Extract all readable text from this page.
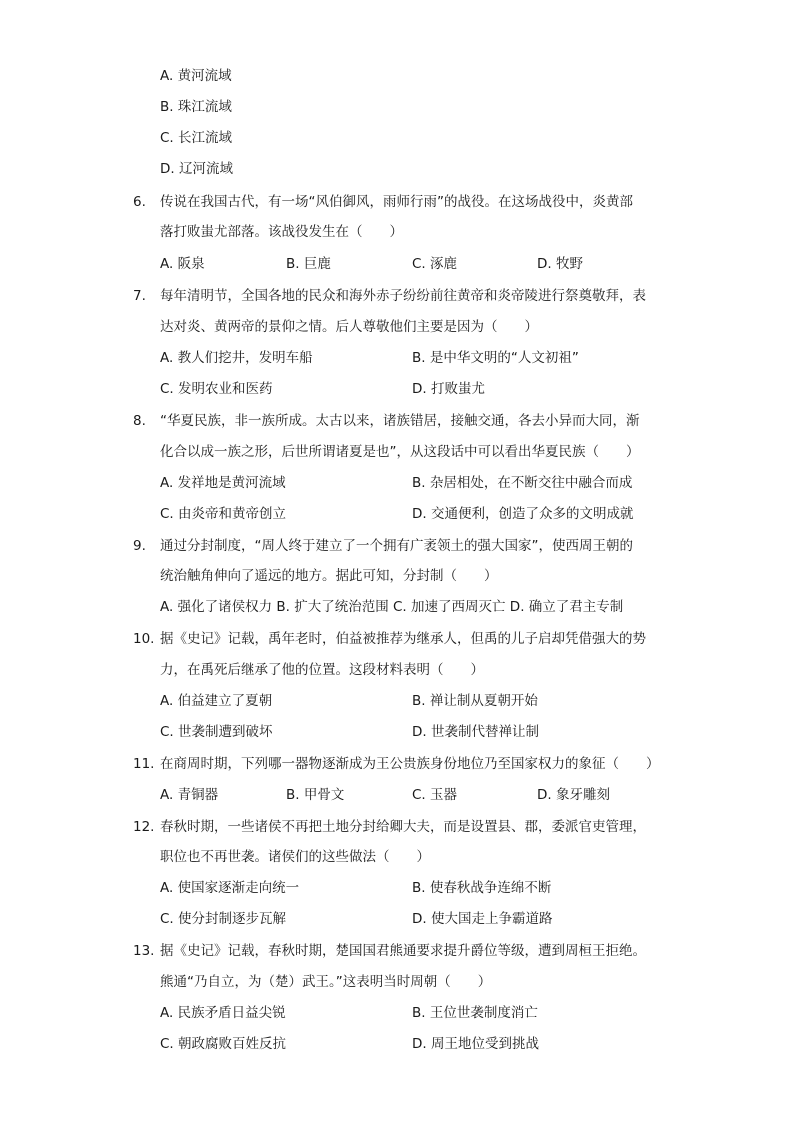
A. 黄河流域
B. 珠江流域
C. 长江流域
D. 辽河流域
6. 传说在我国古代，有一场“风伯御风，雨师行雨”的战役。在这场战役中，炎黄部
落打败蚩尤部落。该战役发生在（　　）
A. 阪泉	B. 巨鹿	C. 涿鹿	D. 牧野
7. 每年清明节，全国各地的民众和海外赤子纷纷前往黄帝和炎帝陵进行祭奠敬拜，表
达对炎、黄两帝的景仰之情。后人尊敬他们主要是因为（　　）
A. 教人们挖井，发明车船	B. 是中华文明的“人文初祖”
C. 发明农业和医药	D. 打败蚩尤
8. “华夏民族，非一族所成。太古以来，诸族错居，接触交通，各去小异而大同，渐
化合以成一族之形，后世所谓诸夏是也”，从这段话中可以看出华夏民族（　　）
A. 发祥地是黄河流域	B. 杂居相处，在不断交往中融合而成
C. 由炎帝和黄帝创立	D. 交通便利，创造了众多的文明成就
9. 通过分封制度，“周人终于建立了一个拥有广袤领土的强大国家”，使西周王朝的
统治触角伸向了遥远的地方。据此可知，分封制（　　）
A. 强化了诸侯权力 B. 扩大了统治范围 C. 加速了西周灭亡 D. 确立了君主专制
10. 据《史记》记载，禹年老时，伯益被推荐为继承人，但禹的儿子启却凭借强大的势
力，在禹死后继承了他的位置。这段材料表明（　　）
A. 伯益建立了夏朝	B. 禅让制从夏朝开始
C. 世袭制遭到破坏	D. 世袭制代替禅让制
11. 在商周时期，下列哪一器物逐渐成为王公贵族身份地位乃至国家权力的象征（　　）
A. 青铜器	B. 甲骨文	C. 玉器	D. 象牙雕刻
12. 春秋时期，一些诸侯不再把土地分封给卿大夫，而是设置县、郡，委派官吏管理，
职位也不再世袭。诸侯们的这些做法（　　）
A. 使国家逐渐走向统一	B. 使春秋战争连绵不断
C. 使分封制逐步瓦解	D. 使大国走上争霸道路
13. 据《史记》记载，春秋时期，楚国国君熊通要求提升爵位等级，遭到周桓王拒绝。
熊通“乃自立，为（楚）武王。”这表明当时周朝（　　）
A. 民族矛盾日益尖锐	B. 王位世袭制度消亡
C. 朝政腐败百姓反抗	D. 周王地位受到挑战
